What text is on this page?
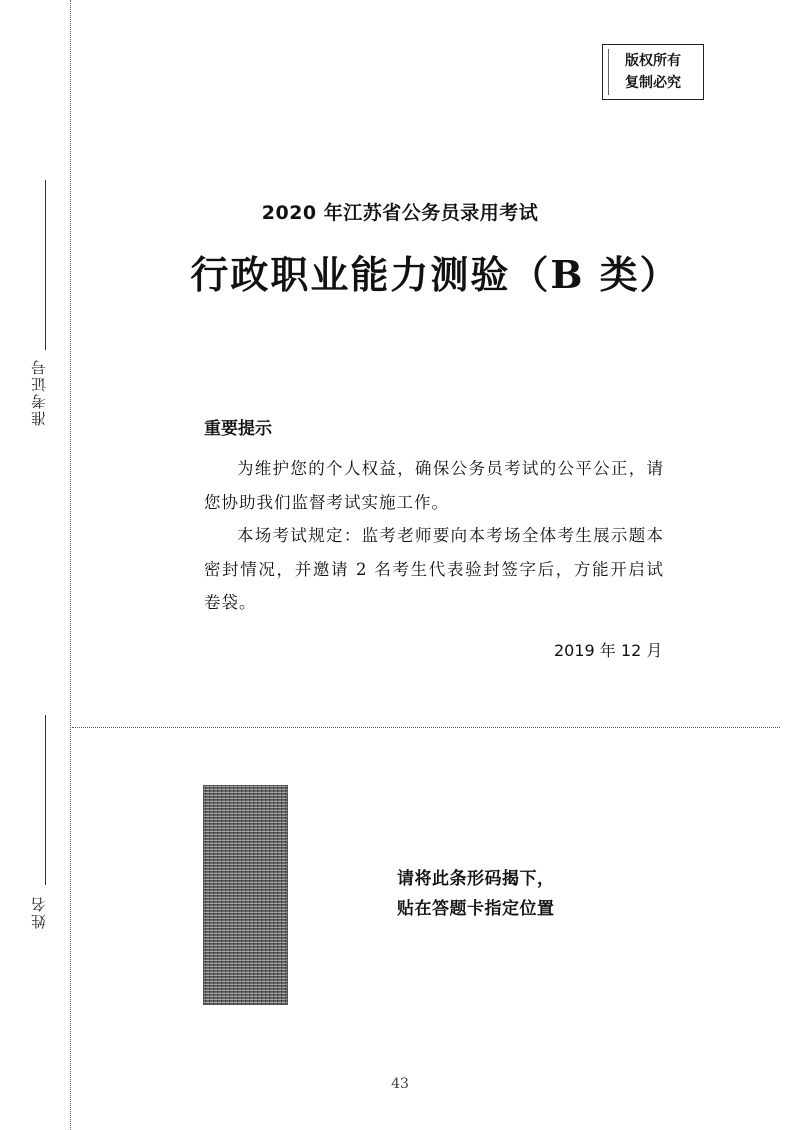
准考证号
姓名
版权所有
复制必究
2020 年江苏省公务员录用考试
行政职业能力测验（B 类）
重要提示

为维护您的个人权益，确保公务员考试的公平公正，请您协助我们监督考试实施工作。

本场考试规定：监考老师要向本考场全体考生展示题本密封情况，并邀请 2 名考生代表验封签字后，方能开启试卷袋。

2019 年 12 月
请将此条形码揭下，
贴在答题卡指定位置
43
